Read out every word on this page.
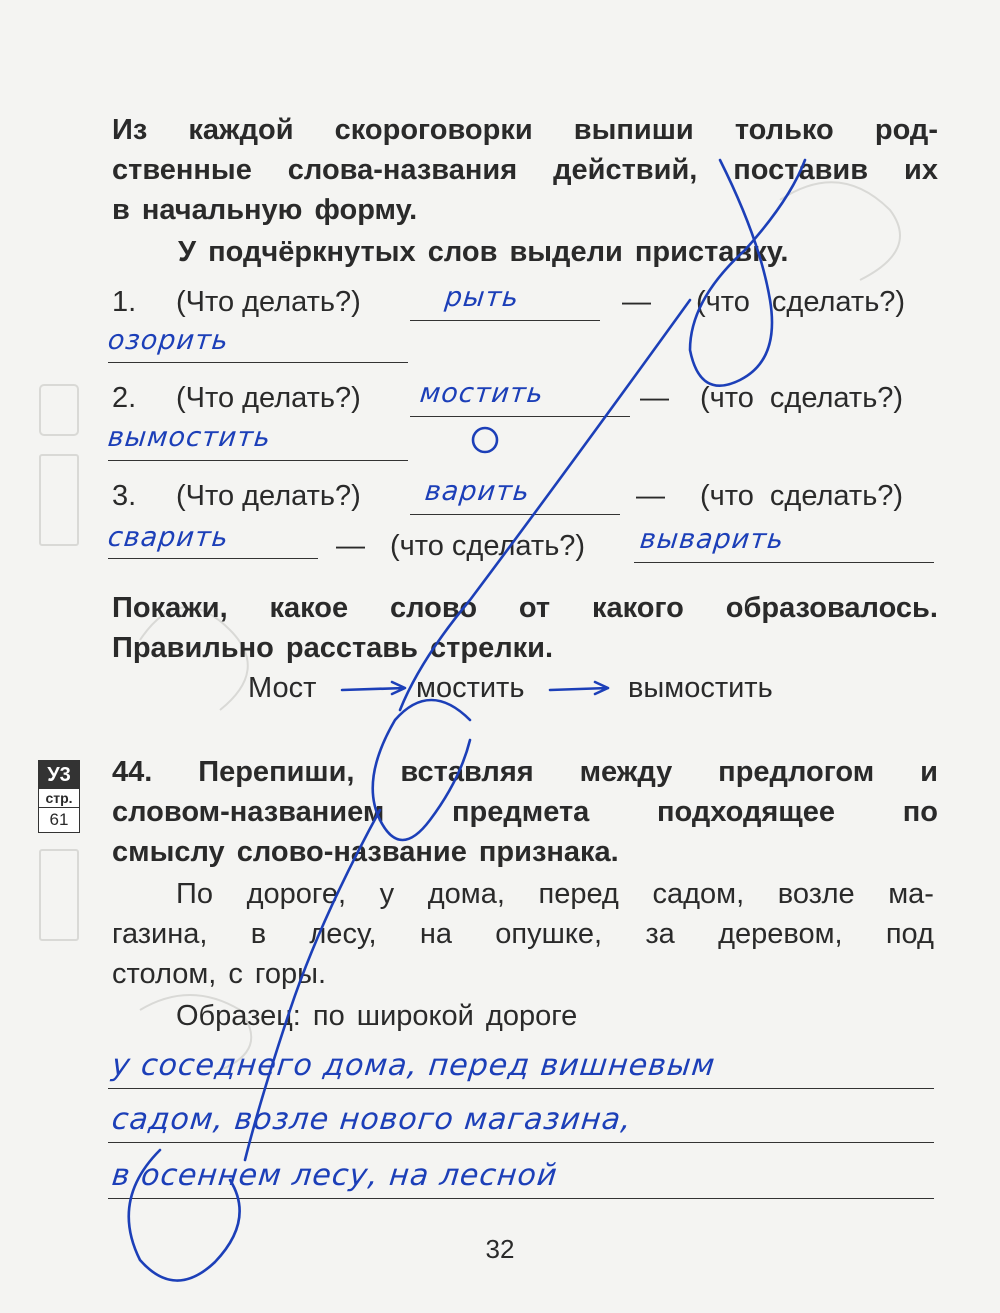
Из каждой скороговорки выпиши только род-
ственные слова-названия действий, поставив их
в начальную форму.
У подчёркнутых слов выдели приставку.
1. (Что делать?)	рыть	— (что сделать?)
озорить
2. (Что делать?) мостить	— (что сделать?)
вымостить
3. (Что делать?) варить	— (что сделать?)
сварить	— (что сделать?) выварить
Покажи, какое слово от какого образовалось.
Правильно расставь стрелки.
Мост	мостить	вымостить
У3
стр.
61
44. Перепиши, вставляя между предлогом и
словом-названием предмета подходящее по
смыслу слово-название признака.
По дороге, у дома, перед садом, возле ма-
газина, в лесу, на опушке, за деревом, под
столом, с горы.
Образец: по широкой дороге
у соседнего дома, перед вишневым
садом, возле нового магазина,
в осеннем лесу, на лесной
32
